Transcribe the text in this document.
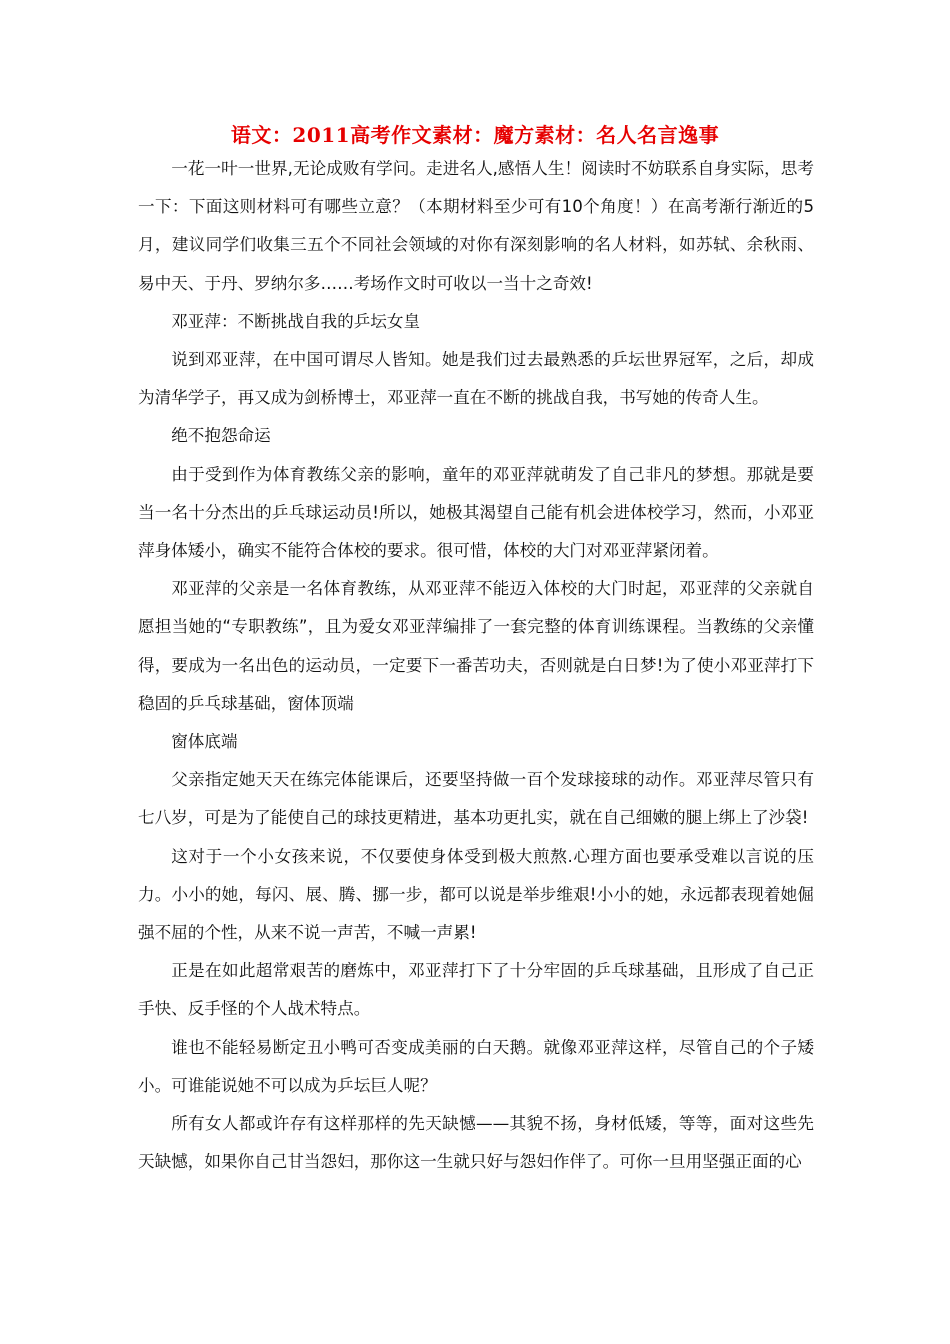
语文：2011高考作文素材：魔方素材：名人名言逸事

一花一叶一世界,无论成败有学问。走进名人,感悟人生！阅读时不妨联系自身实际，思考一下：下面这则材料可有哪些立意？（本期材料至少可有10个角度！）在高考渐行渐近的5月，建议同学们收集三五个不同社会领域的对你有深刻影响的名人材料，如苏轼、余秋雨、易中天、于丹、罗纳尔多……考场作文时可收以一当十之奇效!

邓亚萍：不断挑战自我的乒坛女皇

说到邓亚萍，在中国可谓尽人皆知。她是我们过去最熟悉的乒坛世界冠军，之后，却成为清华学子，再又成为剑桥博士，邓亚萍一直在不断的挑战自我，书写她的传奇人生。

绝不抱怨命运

由于受到作为体育教练父亲的影响，童年的邓亚萍就萌发了自己非凡的梦想。那就是要当一名十分杰出的乒乓球运动员!所以，她极其渴望自己能有机会进体校学习，然而，小邓亚萍身体矮小，确实不能符合体校的要求。很可惜，体校的大门对邓亚萍紧闭着。

邓亚萍的父亲是一名体育教练，从邓亚萍不能迈入体校的大门时起，邓亚萍的父亲就自愿担当她的“专职教练”，且为爱女邓亚萍编排了一套完整的体育训练课程。当教练的父亲懂得，要成为一名出色的运动员，一定要下一番苦功夫，否则就是白日梦!为了使小邓亚萍打下稳固的乒乓球基础，窗体顶端

窗体底端

父亲指定她天天在练完体能课后，还要坚持做一百个发球接球的动作。邓亚萍尽管只有七八岁，可是为了能使自己的球技更精进，基本功更扎实，就在自己细嫩的腿上绑上了沙袋!

这对于一个小女孩来说，不仅要使身体受到极大煎熬.心理方面也要承受难以言说的压力。小小的她，每闪、展、腾、挪一步，都可以说是举步维艰!小小的她，永远都表现着她倔强不屈的个性，从来不说一声苦，不喊一声累!

正是在如此超常艰苦的磨炼中，邓亚萍打下了十分牢固的乒乓球基础，且形成了自己正手快、反手怪的个人战术特点。

谁也不能轻易断定丑小鸭可否变成美丽的白天鹅。就像邓亚萍这样，尽管自己的个子矮小。可谁能说她不可以成为乒坛巨人呢？

所有女人都或许存有这样那样的先天缺憾——其貌不扬，身材低矮，等等，面对这些先天缺憾，如果你自己甘当怨妇，那你这一生就只好与怨妇作伴了。可你一旦用坚强正面的心
